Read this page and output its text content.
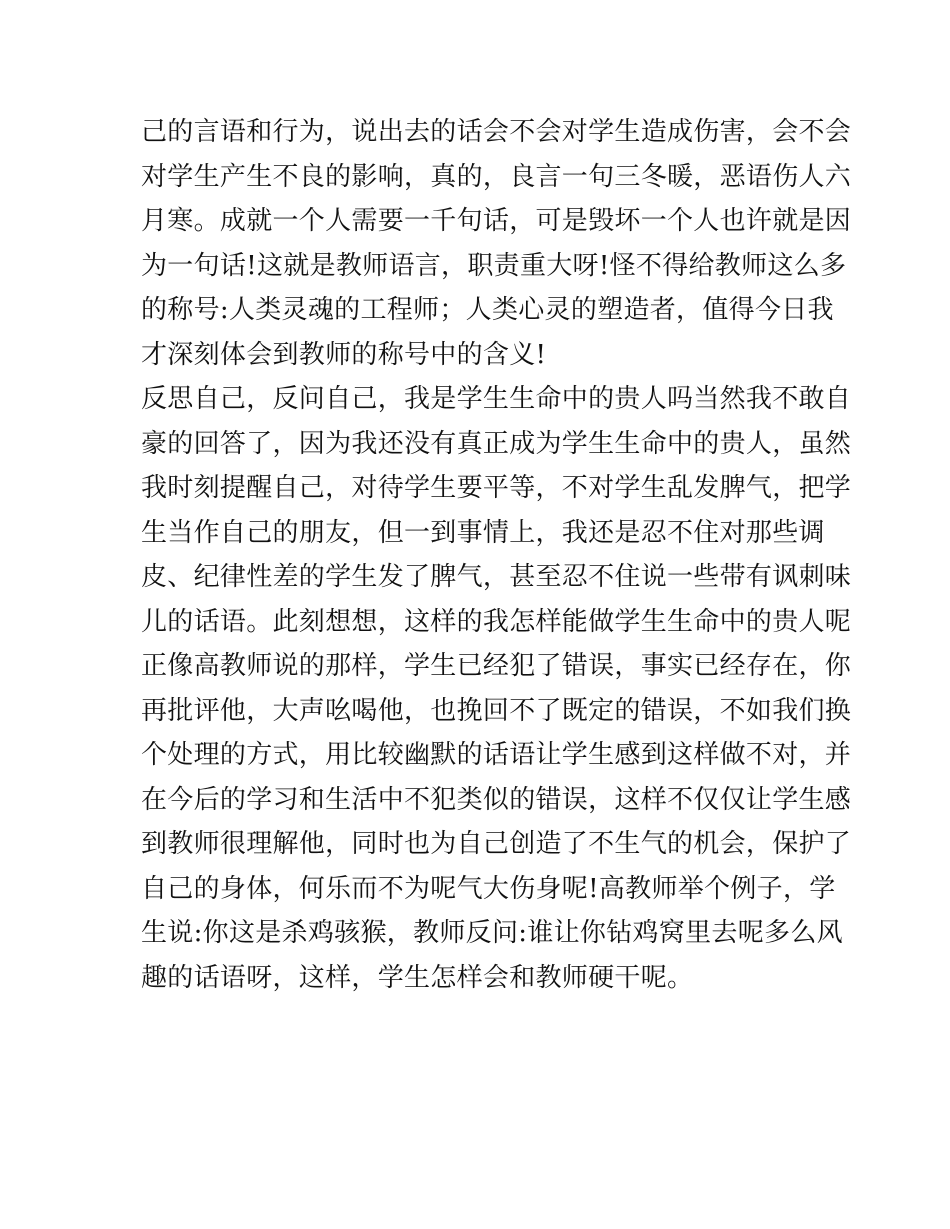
己的言语和行为，说出去的话会不会对学生造成伤害，会不会
对学生产生不良的影响，真的，良言一句三冬暖，恶语伤人六
月寒。成就一个人需要一千句话，可是毁坏一个人也许就是因
为一句话!这就是教师语言，职责重大呀!怪不得给教师这么多
的称号:人类灵魂的工程师；人类心灵的塑造者，值得今日我
才深刻体会到教师的称号中的含义!
反思自己，反问自己，我是学生生命中的贵人吗当然我不敢自
豪的回答了，因为我还没有真正成为学生生命中的贵人，虽然
我时刻提醒自己，对待学生要平等，不对学生乱发脾气，把学
生当作自己的朋友，但一到事情上，我还是忍不住对那些调
皮、纪律性差的学生发了脾气，甚至忍不住说一些带有讽刺味
儿的话语。此刻想想，这样的我怎样能做学生生命中的贵人呢
正像高教师说的那样，学生已经犯了错误，事实已经存在，你
再批评他，大声吆喝他，也挽回不了既定的错误，不如我们换
个处理的方式，用比较幽默的话语让学生感到这样做不对，并
在今后的学习和生活中不犯类似的错误，这样不仅仅让学生感
到教师很理解他，同时也为自己创造了不生气的机会，保护了
自己的身体，何乐而不为呢气大伤身呢!高教师举个例子，学
生说:你这是杀鸡骇猴，教师反问:谁让你钻鸡窝里去呢多么风
趣的话语呀，这样，学生怎样会和教师硬干呢。
